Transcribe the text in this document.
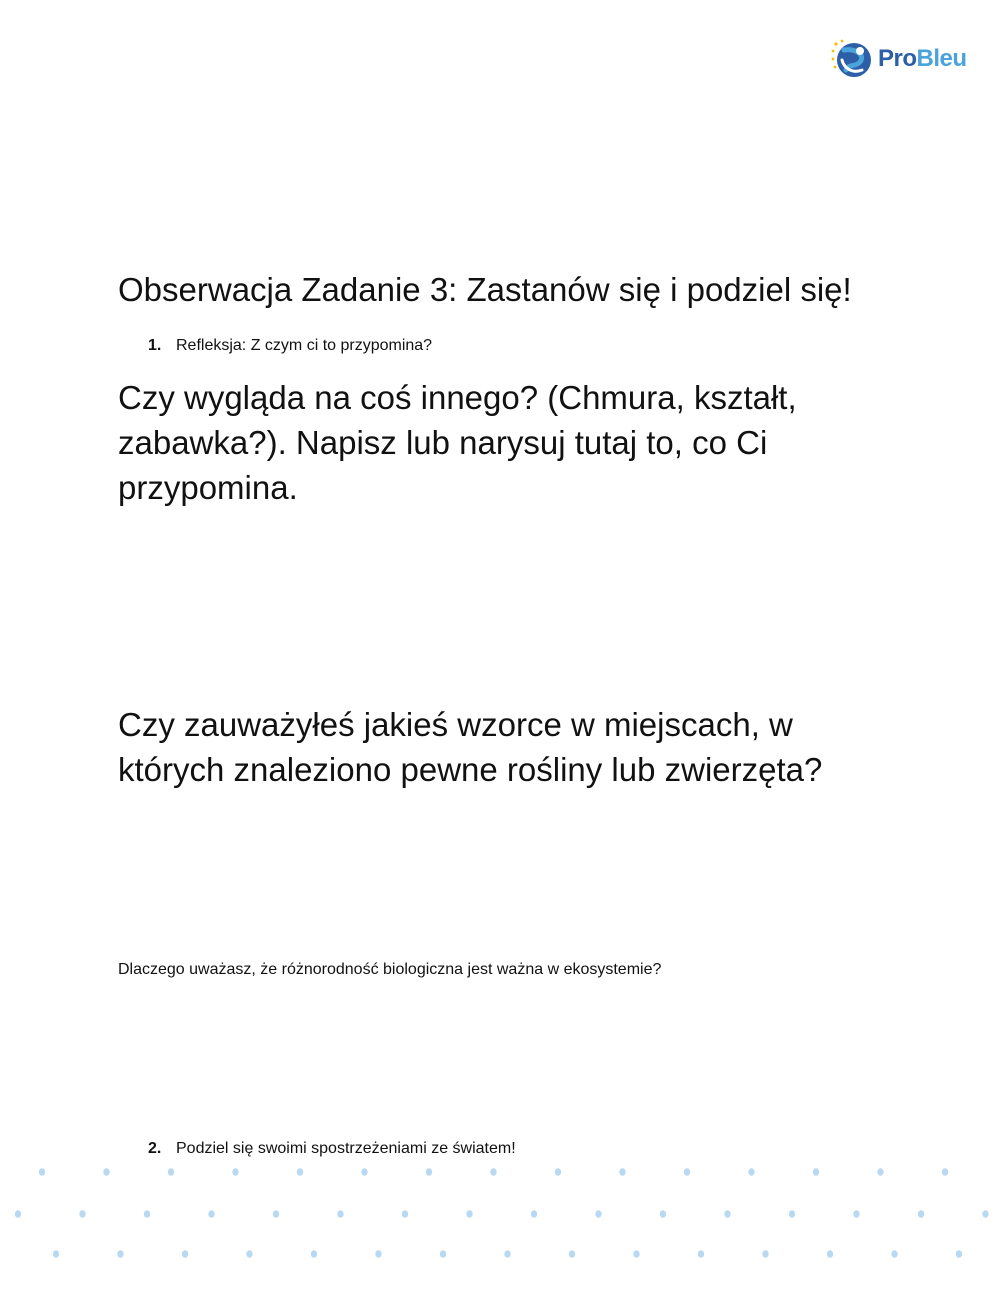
ProBleu
Obserwacja Zadanie 3: Zastanów się i podziel się!
1. Refleksja: Z czym ci to przypomina?

Czy wygląda na coś innego? (Chmura, kształt, zabawka?). Napisz lub narysuj tutaj to, co Ci przypomina.

Czy zauważyłeś jakieś wzorce w miejscach, w których znaleziono pewne rośliny lub zwierzęta?

Dlaczego uważasz, że różnorodność biologiczna jest ważna w ekosystemie?

2. Podziel się swoimi spostrzeżeniami ze światem!
